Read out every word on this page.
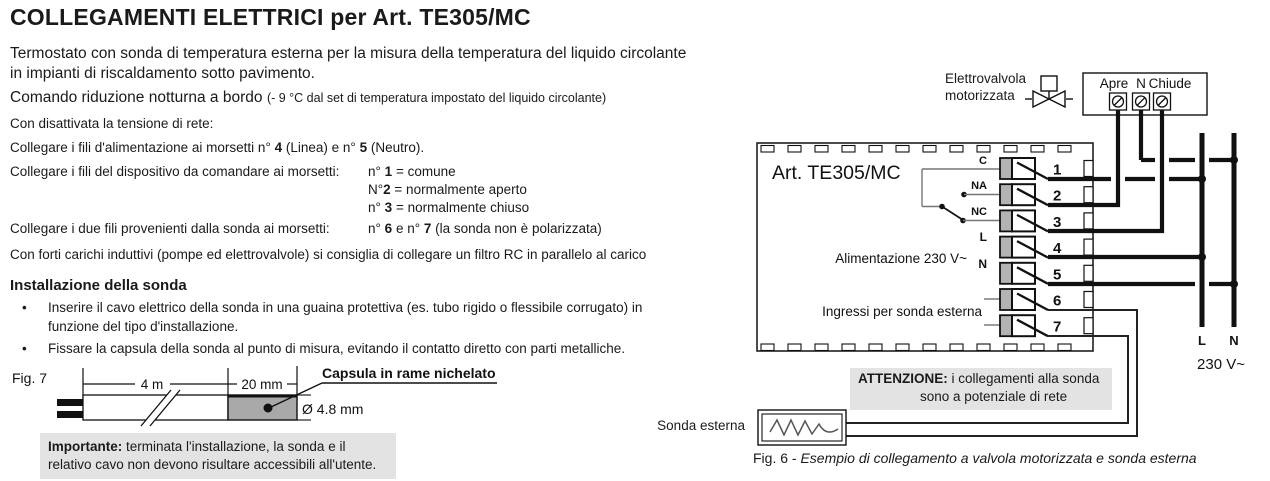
COLLEGAMENTI ELETTRICI per Art. TE305/MC
Termostato con sonda di temperatura esterna per la misura della temperatura del liquido circolante
in impianti di riscaldamento sotto pavimento.
Comando riduzione notturna a bordo (- 9 °C dal set di temperatura impostato del liquido circolante)
Con disattivata la tensione di rete:
Collegare i fili d'alimentazione ai morsetti n° 4 (Linea) e n° 5 (Neutro).
Collegare i fili del dispositivo da comandare ai morsetti: n° 1 = comune
N°2 = normalmente aperto
n° 3 = normalmente chiuso
Collegare i due fili provenienti dalla sonda ai morsetti:	n° 6 e n° 7 (la sonda non è polarizzata)
Con forti carichi induttivi (pompe ed elettrovalvole) si consiglia di collegare un filtro RC in parallelo al carico
Installazione della sonda
• Inserire il cavo elettrico della sonda in una guaina protettiva (es. tubo rigido o flessibile corrugato) in
funzione del tipo d'installazione.
• Fissare la capsula della sonda al punto di misura, evitando il contatto diretto con parti metalliche.
Fig. 7	4 m	20 mm
Capsula in rame nichelato
Ø 4.8 mm
Importante: terminata l'installazione, la sonda e il relativo cavo non devono risultare accessibili all'utente.
Apre N Chiude
Art. TE305/MC
C
NA
NC
L
N
Alimentazione 230 V~
Ingressi per sonda esterna
1
2
3
4
5
6
7
L N
230 V~
Elettrovalvola
motorizzata
ATTENZIONE: i collegamenti alla sonda
sono a potenziale di rete
Sonda esterna
Fig. 6 - Esempio di collegamento a valvola motorizzata e sonda esterna
